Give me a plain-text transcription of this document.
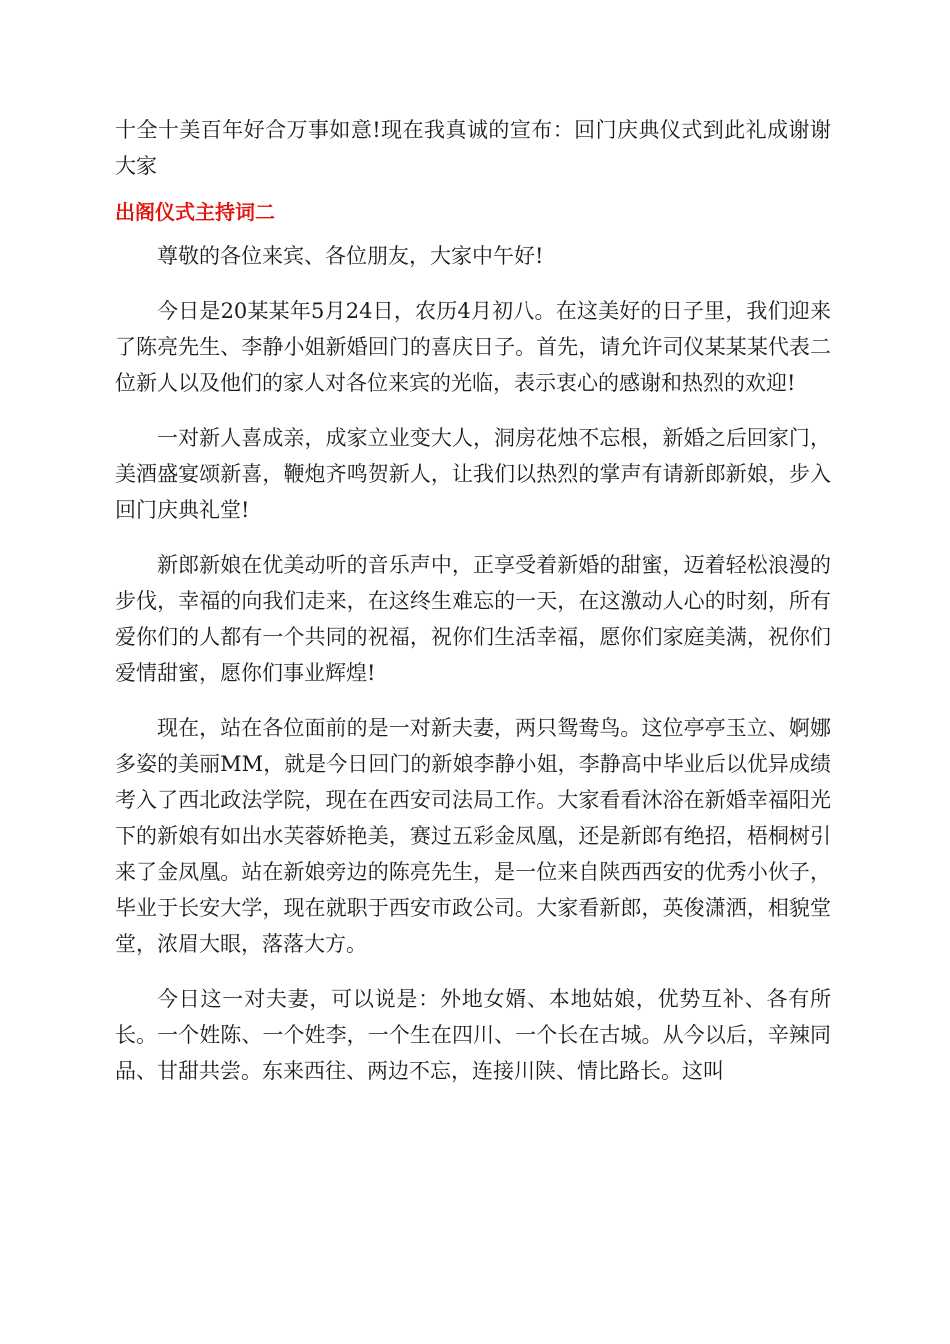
十全十美百年好合万事如意!现在我真诚的宣布：回门庆典仪式到此礼成谢谢大家

出阁仪式主持词二

尊敬的各位来宾、各位朋友，大家中午好!

今日是20某某年5月24日，农历4月初八。在这美好的日子里，我们迎来了陈亮先生、李静小姐新婚回门的喜庆日子。首先，请允许司仪某某某代表二位新人以及他们的家人对各位来宾的光临，表示衷心的感谢和热烈的欢迎!

一对新人喜成亲，成家立业变大人，洞房花烛不忘根，新婚之后回家门，美酒盛宴颂新喜，鞭炮齐鸣贺新人，让我们以热烈的掌声有请新郎新娘，步入回门庆典礼堂!

新郎新娘在优美动听的音乐声中，正享受着新婚的甜蜜，迈着轻松浪漫的步伐，幸福的向我们走来，在这终生难忘的一天，在这激动人心的时刻，所有爱你们的人都有一个共同的祝福，祝你们生活幸福，愿你们家庭美满，祝你们爱情甜蜜，愿你们事业辉煌!

现在，站在各位面前的是一对新夫妻，两只鸳鸯鸟。这位亭亭玉立、婀娜多姿的美丽MM，就是今日回门的新娘李静小姐，李静高中毕业后以优异成绩考入了西北政法学院，现在在西安司法局工作。大家看看沐浴在新婚幸福阳光下的新娘有如出水芙蓉娇艳美，赛过五彩金凤凰，还是新郎有绝招，梧桐树引来了金凤凰。站在新娘旁边的陈亮先生，是一位来自陕西西安的优秀小伙子，毕业于长安大学，现在就职于西安市政公司。大家看新郎，英俊潇洒，相貌堂堂，浓眉大眼，落落大方。

今日这一对夫妻，可以说是：外地女婿、本地姑娘，优势互补、各有所长。一个姓陈、一个姓李，一个生在四川、一个长在古城。从今以后，辛辣同品、甘甜共尝。东来西往、两边不忘，连接川陕、情比路长。这叫
